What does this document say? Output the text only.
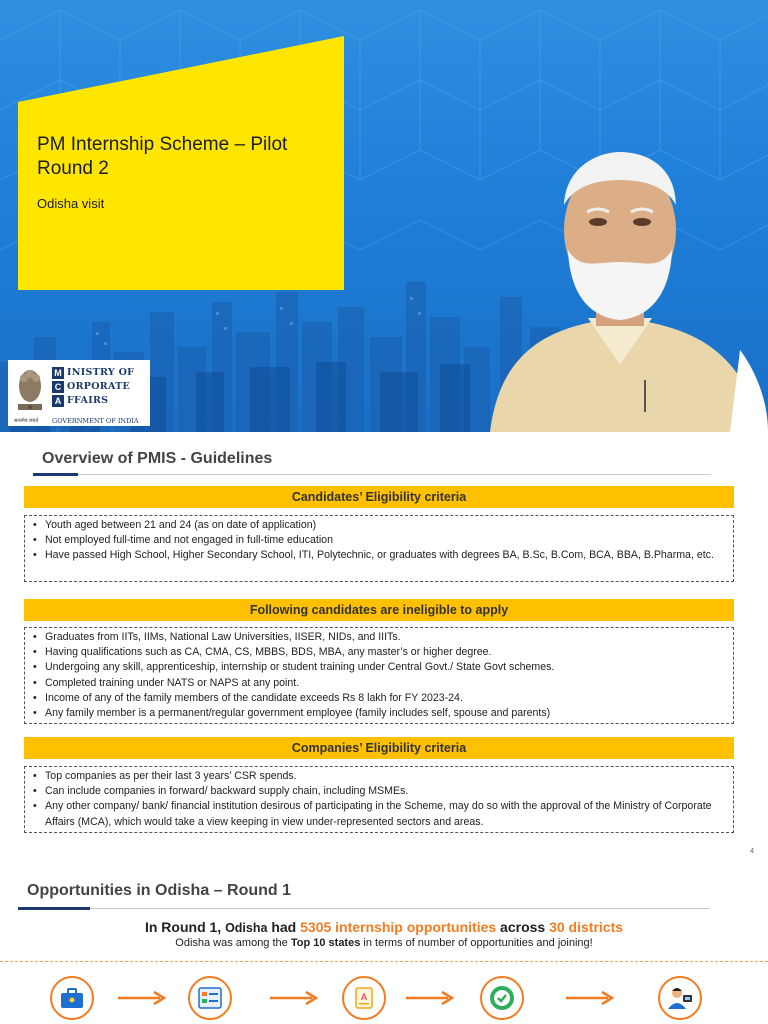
PM Internship Scheme – Pilot Round 2
Odisha visit
सत्यमेव जयते
M INISTRY OF
C ORPORATE
A FFAIRS
GOVERNMENT OF INDIA
Overview of PMIS - Guidelines
Candidates’ Eligibility criteria
• Youth aged between 21 and 24 (as on date of application)
• Not employed full-time and not engaged in full-time education
• Have passed High School, Higher Secondary School, ITI, Polytechnic, or graduates with degrees BA, B.Sc, B.Com, BCA, BBA, B.Pharma, etc.
Following candidates are ineligible to apply
• Graduates from IITs, IIMs, National Law Universities, IISER, NIDs, and IIITs.
• Having qualifications such as CA, CMA, CS, MBBS, BDS, MBA, any master’s or higher degree.
• Undergoing any skill, apprenticeship, internship or student training under Central Govt./ State Govt schemes.
• Completed training under NATS or NAPS at any point.
• Income of any of the family members of the candidate exceeds Rs 8 lakh for FY 2023-24.
• Any family member is a permanent/regular government employee (family includes self, spouse and parents)
Companies’ Eligibility criteria
• Top companies as per their last 3 years’ CSR spends.
• Can include companies in forward/ backward supply chain, including MSMEs.
• Any other company/ bank/ financial institution desirous of participating in the Scheme, may do so with the approval of the Ministry of Corporate Affairs (MCA), which would take a view keeping in view under-represented sectors and areas.
4
Opportunities in Odisha – Round 1
In Round 1, Odisha had 5305 internship opportunities across 30 districts
Odisha was among the Top 10 states in terms of number of opportunities and joining!
A
